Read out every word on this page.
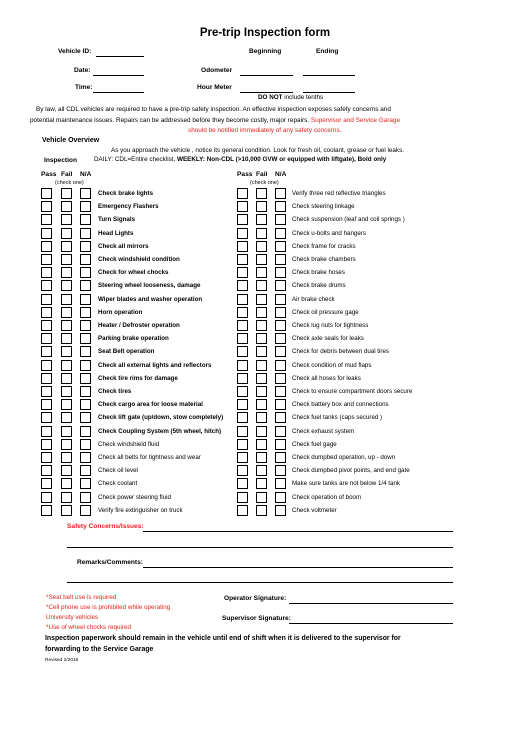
Pre-trip Inspection form
Vehicle ID:	Beginning	Ending
Date:	Odometer
Time:	Hour Meter
DO NOT include tenths
By law, all CDL vehicles are required to have a pre-trip safety inspection. An effective inspection exposes safety concerns and
potential maintenance issues. Repairs can be addressed before they become costly, major repairs. Supervisor and Service Garage
should be notified immediately of any safety concerns.
Vehicle Overview
As you approach the vehicle , notice its general condition. Look for fresh oil, coolant, grease or fuel leaks.
Inspection	DAILY: CDL=Entire checklist, WEEKLY: Non-CDL (>10,000 GVW or equipped with liftgate), Bold only
Pass Fail N/A
(check one)
Pass Fail N/A
(check one)
Check brake lights
Emergency Flashers
Turn Signals
Head Lights
Check all mirrors
Check windshield condition
Check for wheel chocks
Steering wheel looseness, damage
Wiper blades and washer operation
Horn operation
Heater / Defroster operation
Parking brake operation
Seat Belt operation
Check all external lights and reflectors
Check tire rims for damage
Check tires
Check cargo area for loose material
Check lift gate (up/down, stow completely)
Check Coupling System (5th wheel, hitch)
Check windshield fluid
Check all belts for tightness and wear
Check oil level
Check coolant
Check power steering fluid
Verify fire extinguisher on truck
Verify three red reflective triangles
Check steering linkage
Check suspension (leaf and coil springs )
Check u-bolts and hangers
Check frame for cracks
Check brake chambers
Check brake hoses
Check brake drums
Air brake check
Check oil pressure gage
Check lug nuts for tightness
Check axle seals for leaks
Check for debris between dual tires
Check condition of mud flaps
Check all hoses for leaks
Check to ensure compartment doors secure
Check battery box and connections
Check fuel tanks (caps secured )
Check exhaust system
Check fuel gage
Check dumpbed operation, up - down
Check dumpbed pivot points, and end gate
Make sure tanks are not below 1/4 tank
Check operation of boom
Check voltmeter
Safety Concerns/Issues:
Remarks/Comments:
*Seat belt use is required
*Cell phone use is prohibited while operating
University vehicles
*Use of wheel chocks required
Operator Signature:
Supervisor Signature:
Inspection paperwork should remain in the vehicle until end of shift when it is delivered to the supervisor for
forwarding to the Service Garage
Revised 2/2016
